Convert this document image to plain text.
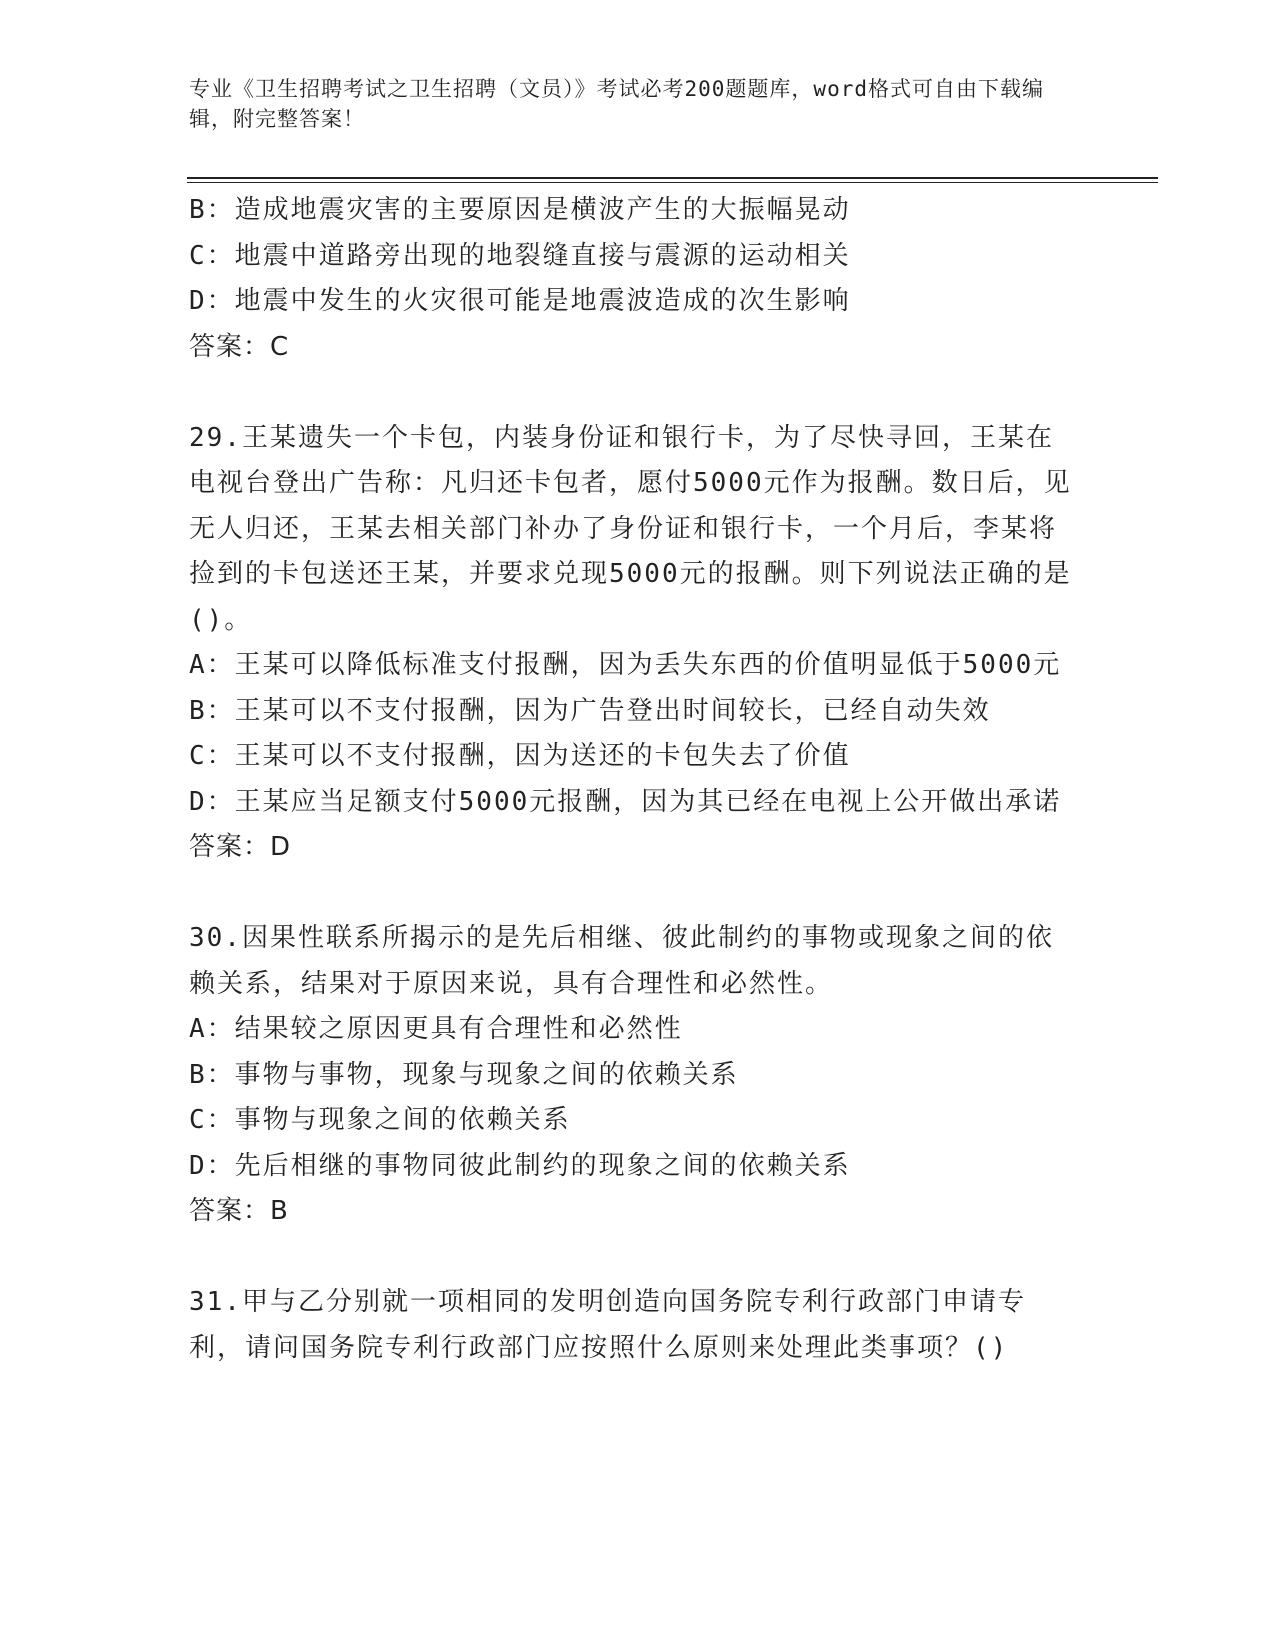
专业《卫生招聘考试之卫生招聘（文员）》考试必考200题题库，word格式可自由下载编辑，附完整答案！

B：造成地震灾害的主要原因是横波产生的大振幅晃动

C：地震中道路旁出现的地裂缝直接与震源的运动相关

D：地震中发生的火灾很可能是地震波造成的次生影响

答案：C

29.王某遗失一个卡包，内装身份证和银行卡，为了尽快寻回，王某在电视台登出广告称：凡归还卡包者，愿付5000元作为报酬。数日后，见无人归还，王某去相关部门补办了身份证和银行卡，一个月后，李某将捡到的卡包送还王某，并要求兑现5000元的报酬。则下列说法正确的是()。

A：王某可以降低标准支付报酬，因为丢失东西的价值明显低于5000元

B：王某可以不支付报酬，因为广告登出时间较长，已经自动失效

C：王某可以不支付报酬，因为送还的卡包失去了价值

D：王某应当足额支付5000元报酬，因为其已经在电视上公开做出承诺

答案：D

30.因果性联系所揭示的是先后相继、彼此制约的事物或现象之间的依赖关系，结果对于原因来说，具有合理性和必然性。

A：结果较之原因更具有合理性和必然性

B：事物与事物，现象与现象之间的依赖关系

C：事物与现象之间的依赖关系

D：先后相继的事物同彼此制约的现象之间的依赖关系

答案：B

31.甲与乙分别就一项相同的发明创造向国务院专利行政部门申请专利，请问国务院专利行政部门应按照什么原则来处理此类事项？()
